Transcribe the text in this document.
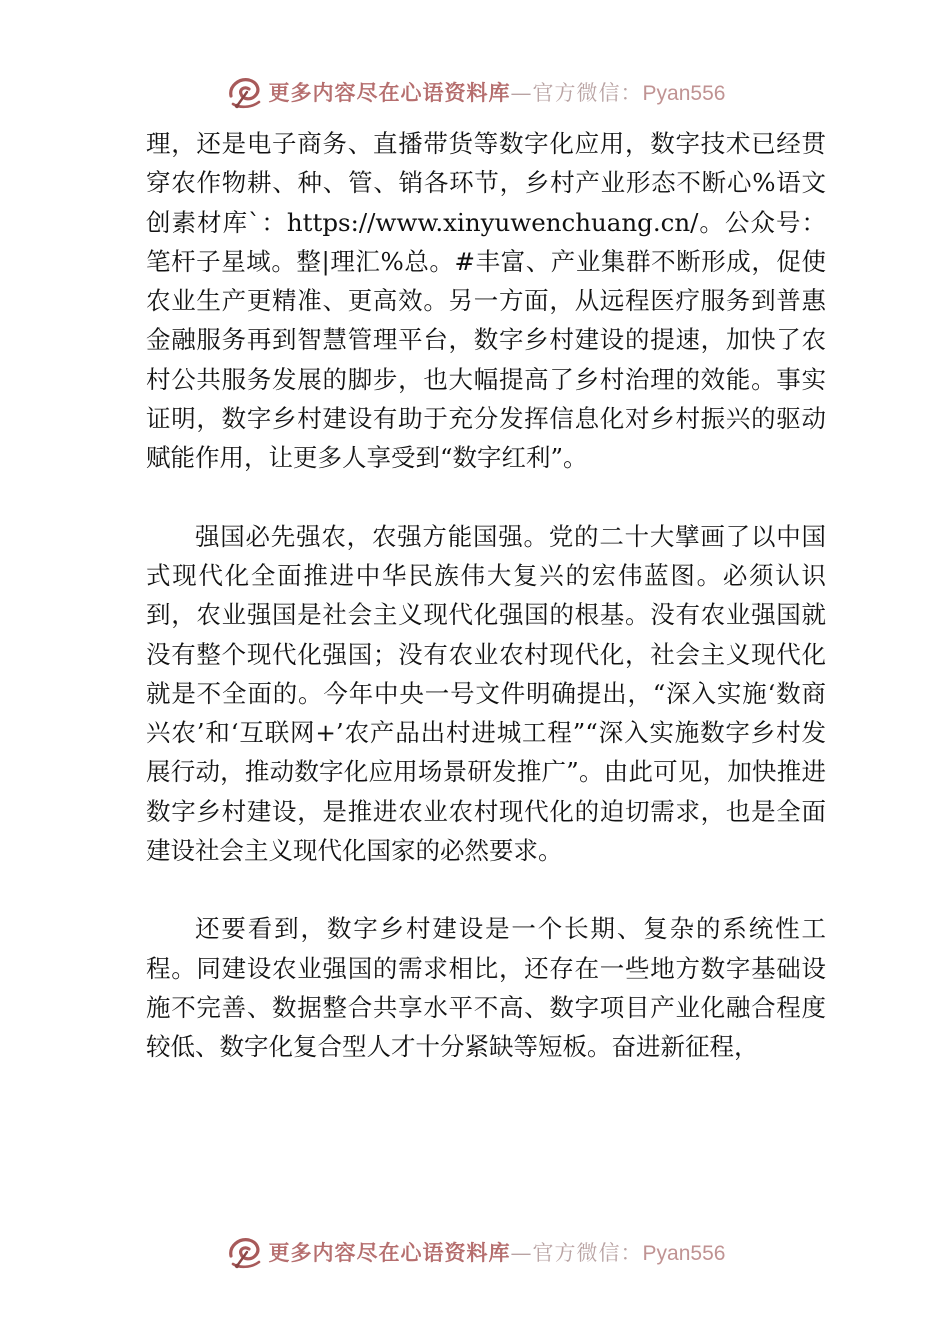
更多内容尽在心语资料库—官方微信：Pyan556

理，还是电子商务、直播带货等数字化应用，数字技术已经贯穿农作物耕、种、管、销各环节，乡村产业形态不断心%语文创素材库`：https://www.xinyuwenchuang.cn/。公众号：笔杆子星域。整|理汇%总。#丰富、产业集群不断形成，促使农业生产更精准、更高效。另一方面，从远程医疗服务到普惠金融服务再到智慧管理平台，数字乡村建设的提速，加快了农村公共服务发展的脚步，也大幅提高了乡村治理的效能。事实证明，数字乡村建设有助于充分发挥信息化对乡村振兴的驱动赋能作用，让更多人享受到“数字红利”。

强国必先强农，农强方能国强。党的二十大擘画了以中国式现代化全面推进中华民族伟大复兴的宏伟蓝图。必须认识到，农业强国是社会主义现代化强国的根基。没有农业强国就没有整个现代化强国；没有农业农村现代化，社会主义现代化就是不全面的。今年中央一号文件明确提出，“深入实施‘数商兴农’和‘互联网+’农产品出村进城工程”“深入实施数字乡村发展行动，推动数字化应用场景研发推广”。由此可见，加快推进数字乡村建设，是推进农业农村现代化的迫切需求，也是全面建设社会主义现代化国家的必然要求。

还要看到，数字乡村建设是一个长期、复杂的系统性工程。同建设农业强国的需求相比，还存在一些地方数字基础设施不完善、数据整合共享水平不高、数字项目产业化融合程度较低、数字化复合型人才十分紧缺等短板。奋进新征程，

更多内容尽在心语资料库—官方微信：Pyan556
